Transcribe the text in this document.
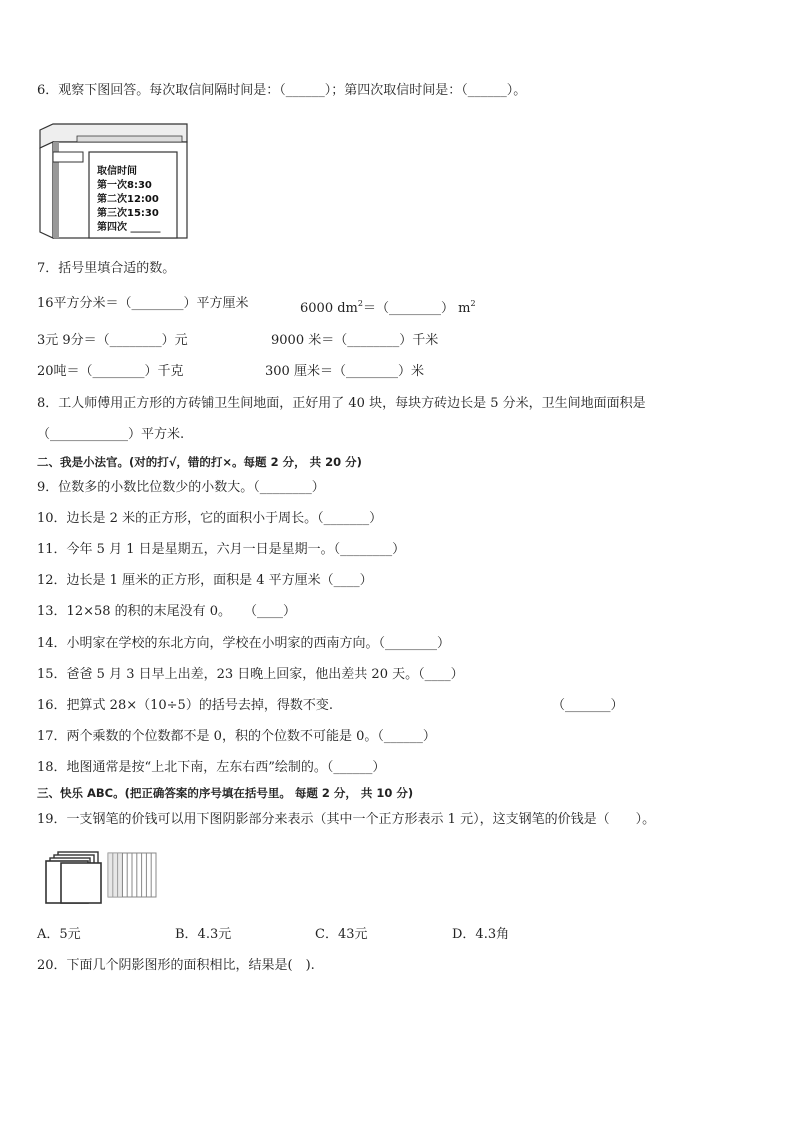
6．观察下图回答。每次取信间隔时间是：（______）；第四次取信时间是：（______）。
取信时间
第一次8:30
第二次12:00
第三次15:30
第四次 ______
7．括号里填合适的数。
16平方分米＝（________）平方厘米	6000 $dm^2=(\_\_\_\_\_\_\_\_)$ $m^2$
3元 9分＝（________）元	9000 米＝（________）千米
20吨＝（________）千克	300 厘米＝（________）米
8．工人师傅用正方形的方砖铺卫生间地面，正好用了 40 块，每块方砖边长是 5 分米，卫生间地面面积是
（____________）平方米.
二、我是小法官。(对的打√，错的打×。每题 2 分， 共 20 分)
9．位数多的小数比位数少的小数大。（________）
10．边长是 2 米的正方形，它的面积小于周长。（_______）
11．今年 5 月 1 日是星期五，六月一日是星期一。（________）
12．边长是 1 厘米的正方形，面积是 4 平方厘米（____）
13．12×58 的积的末尾没有 0。　　（____）
14．小明家在学校的东北方向，学校在小明家的西南方向。（________）
15．爸爸 5 月 3 日早上出差，23 日晚上回家，他出差共 20 天。（____）
16．把算式 28×（10÷5）的括号去掉，得数不变.	（_______）
17．两个乘数的个位数都不是 0，积的个位数不可能是 0。（______）
18．地图通常是按“上北下南，左东右西”绘制的。（______）
三、快乐 ABC。(把正确答案的序号填在括号里。 每题 2 分， 共 10 分)
19．一支钢笔的价钱可以用下图阴影部分来表示（其中一个正方形表示 1 元），这支钢笔的价钱是（　　）。
A．5元	B．4.3元	C．43元	D．4.3角
20．下面几个阴影图形的面积相比，结果是(　).
